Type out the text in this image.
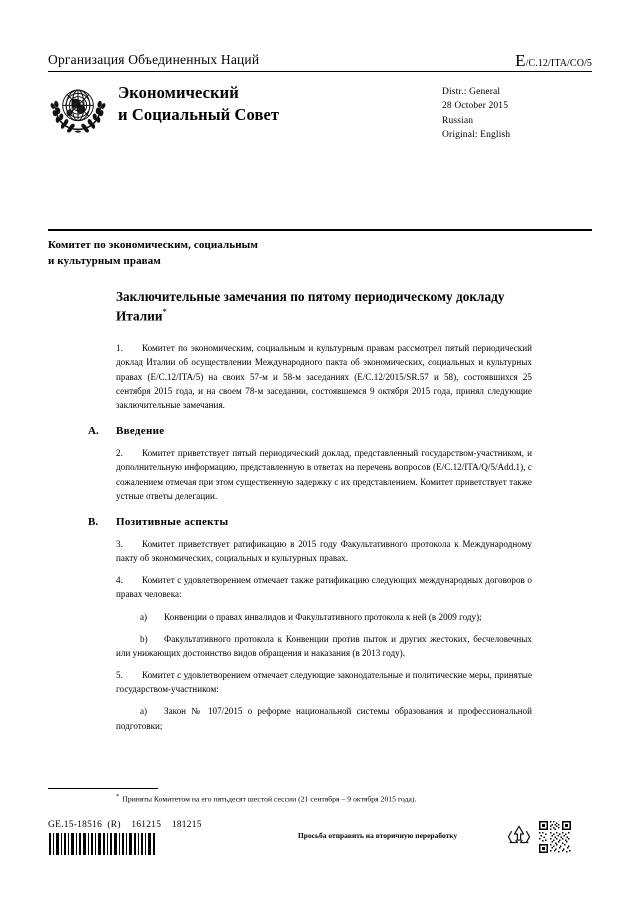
Организация Объединенных Наций	E/C.12/ITA/CO/5
Экономический
и Социальный Совет
Distr.: General
28 October 2015
Russian
Original: English
Комитет по экономическим, социальным
и культурным правам
Заключительные замечания по пятому периодическому докладу Италии*

1. Комитет по экономическим, социальным и культурным правам рассмотрел пятый периодический доклад Италии об осуществлении Международного пакта об экономических, социальных и культурных правах (E/C.12/ITA/5) на своих 57-м и 58-м заседаниях (E/C.12/2015/SR.57 и 58), состоявшихся 25 сентября 2015 года, и на своем 78-м заседании, состоявшемся 9 октября 2015 года, принял следующие заключительные замечания.

A.	Введение

2. Комитет приветствует пятый периодический доклад, представленный государством-участником, и дополнительную информацию, представленную в ответах на перечень вопросов (E/C.12/ITA/Q/5/Add.1), с сожалением отмечая при этом существенную задержку с их представлением. Комитет приветствует также устные ответы делегации.

B.	Позитивные аспекты

3. Комитет приветствует ратификацию в 2015 году Факультативного протокола к Международному пакту об экономических, социальных и культурных правах.

4. Комитет с удовлетворением отмечает также ратификацию следующих международных договоров о правах человека:

a) Конвенции о правах инвалидов и Факультативного протокола к ней (в 2009 году);

b) Факультативного протокола к Конвенции против пыток и других жестоких, бесчеловечных или унижающих достоинство видов обращения и наказания (в 2013 году).

5. Комитет с удовлетворением отмечает следующие законодательные и политические меры, принятые государством-участником:

a) Закон № 107/2015 о реформе национальной системы образования и профессиональной подготовки;

* Приняты Комитетом на его пятьдесят шестой сессии (21 сентября – 9 октября 2015 года).
GE.15-18516  (R)    161215    181215
Просьба отправить на вторичную переработку
